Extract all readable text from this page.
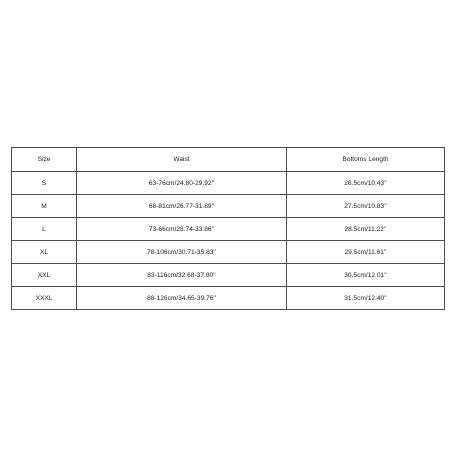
Size	Waist	Bottoms Length
S	63-76cm/24.80-29.92''	26.5cm/10.43''
M	68-81cm/26.77-31.89''	27.5cm/10.83''
L	73-66cm/28.74-33.86''	28.5cm/11.22''
XL	78-106cm/30.71-35.83''	29.5cm/11.61''
XXL	83-116cm/32.68-37.80''	30.5cm/12.01''
XXXL	88-126cm/34.65-39.76''	31.5cm/12.40''
